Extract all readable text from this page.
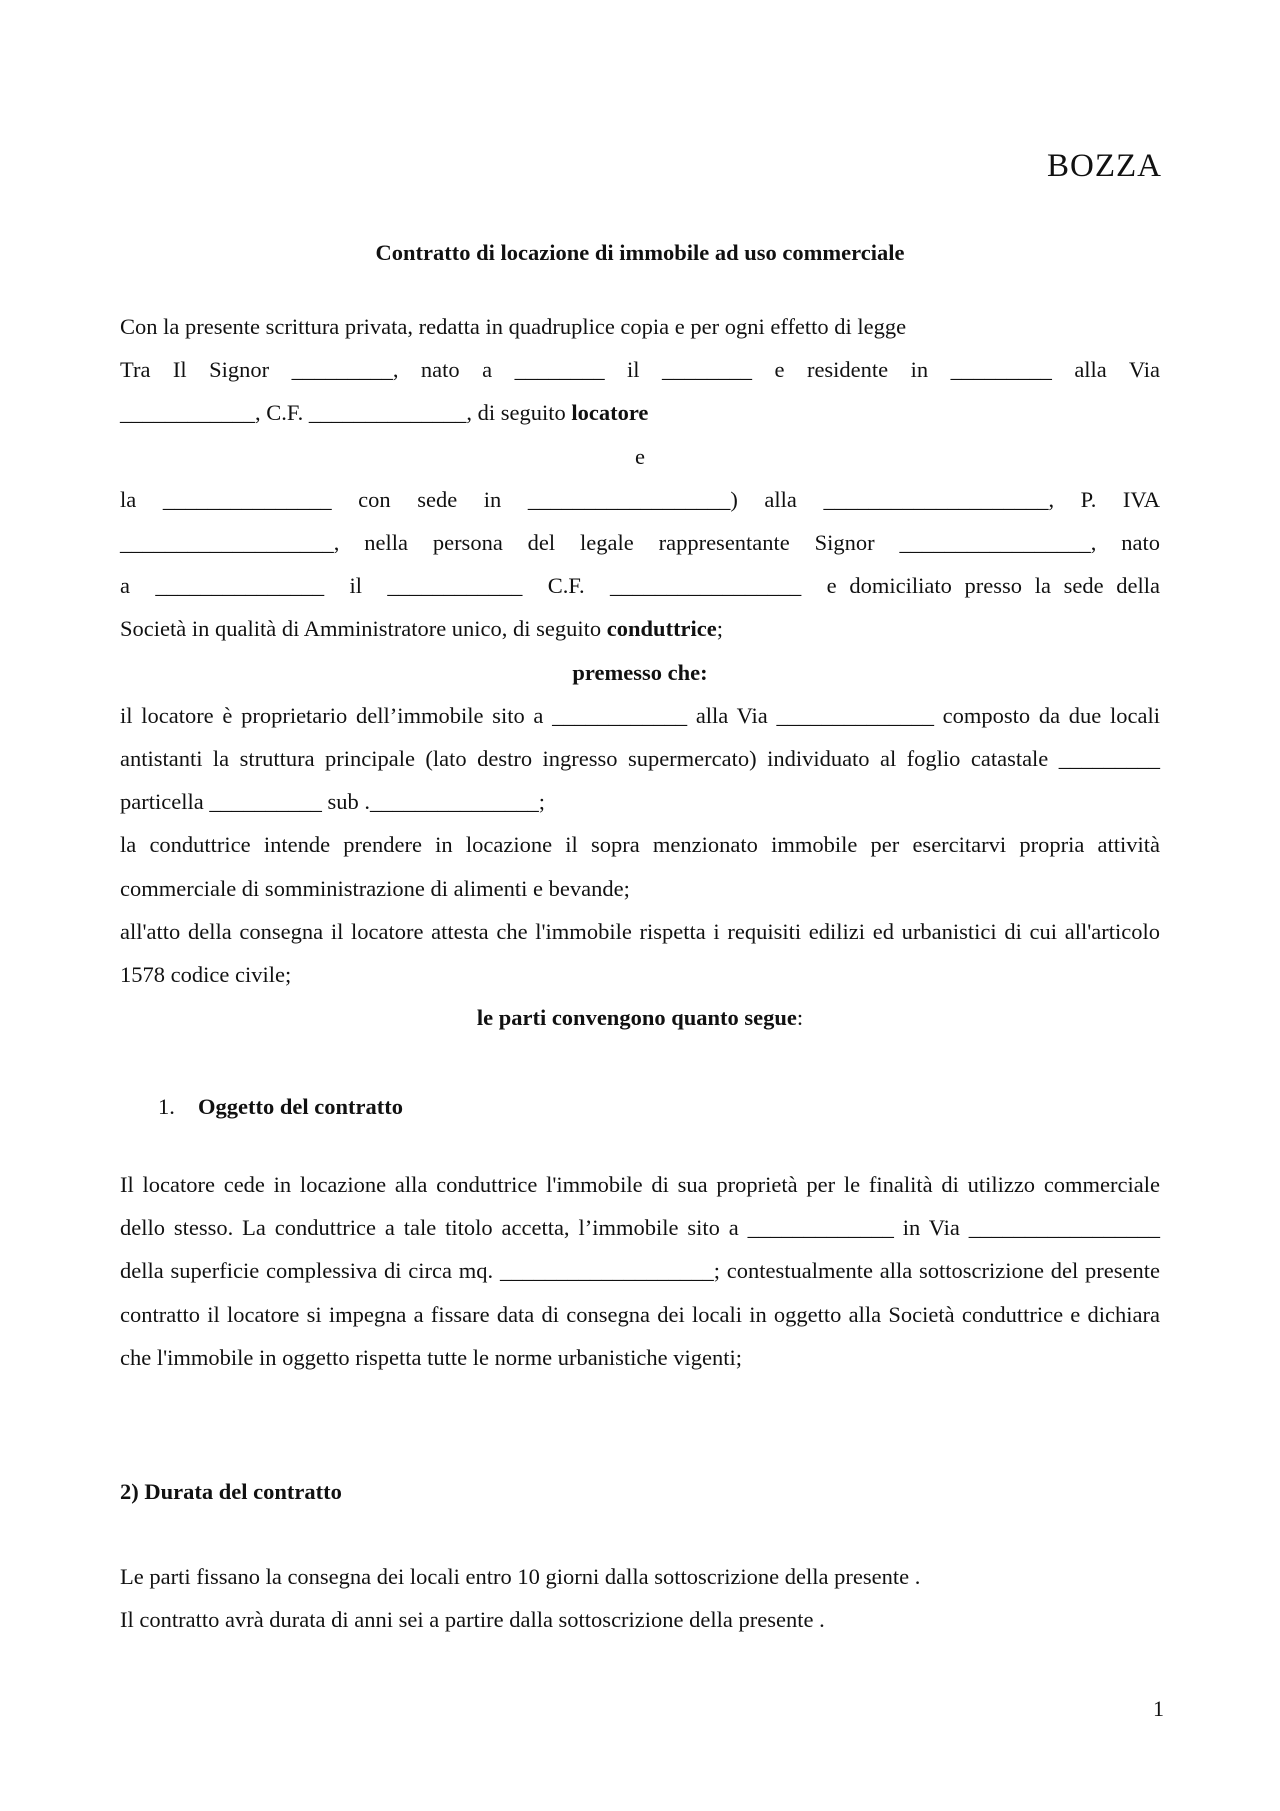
BOZZA
Contratto di locazione di immobile ad uso commerciale

Con la presente scrittura privata, redatta in quadruplice copia e per ogni effetto di legge

Tra  Il  Signor  _________,  nato  a  ________  il  ________  e  residente  in  _________  alla  Via

____________, C.F. ______________, di seguito locatore

e

la  _______________  con  sede  in  __________________)  alla  ____________________,  P.  IVA

___________________, nella persona del legale rappresentante Signor _________________, nato

a  _______________  il  ____________  C.F.  _________________  e domiciliato presso la sede della

Società in qualità di Amministratore unico, di seguito conduttrice;

premesso che:

il locatore è proprietario dell’immobile sito a ____________ alla Via ______________ composto da due locali antistanti la struttura principale (lato destro ingresso supermercato) individuato al foglio catastale _________ particella __________ sub ._______________;

la conduttrice intende prendere in locazione il sopra menzionato immobile per esercitarvi propria attività commerciale di somministrazione di alimenti e bevande;

all'atto della consegna il locatore attesta che l'immobile rispetta i requisiti edilizi ed urbanistici di cui all'articolo 1578 codice civile;

le parti convengono quanto segue:

1. Oggetto del contratto

Il locatore cede in locazione alla conduttrice l'immobile di sua proprietà per le finalità di utilizzo commerciale dello stesso. La conduttrice a tale titolo accetta, l’immobile sito a _____________ in Via _________________ della superficie complessiva di circa mq. ___________________; contestualmente alla sottoscrizione del presente contratto il locatore si impegna a fissare data di consegna dei locali in oggetto alla Società conduttrice e dichiara che l'immobile in oggetto rispetta tutte le norme urbanistiche vigenti;

2) Durata del contratto

Le parti fissano la consegna dei locali entro 10 giorni dalla sottoscrizione della presente .

Il contratto avrà durata di anni sei a partire dalla sottoscrizione della presente .

1
